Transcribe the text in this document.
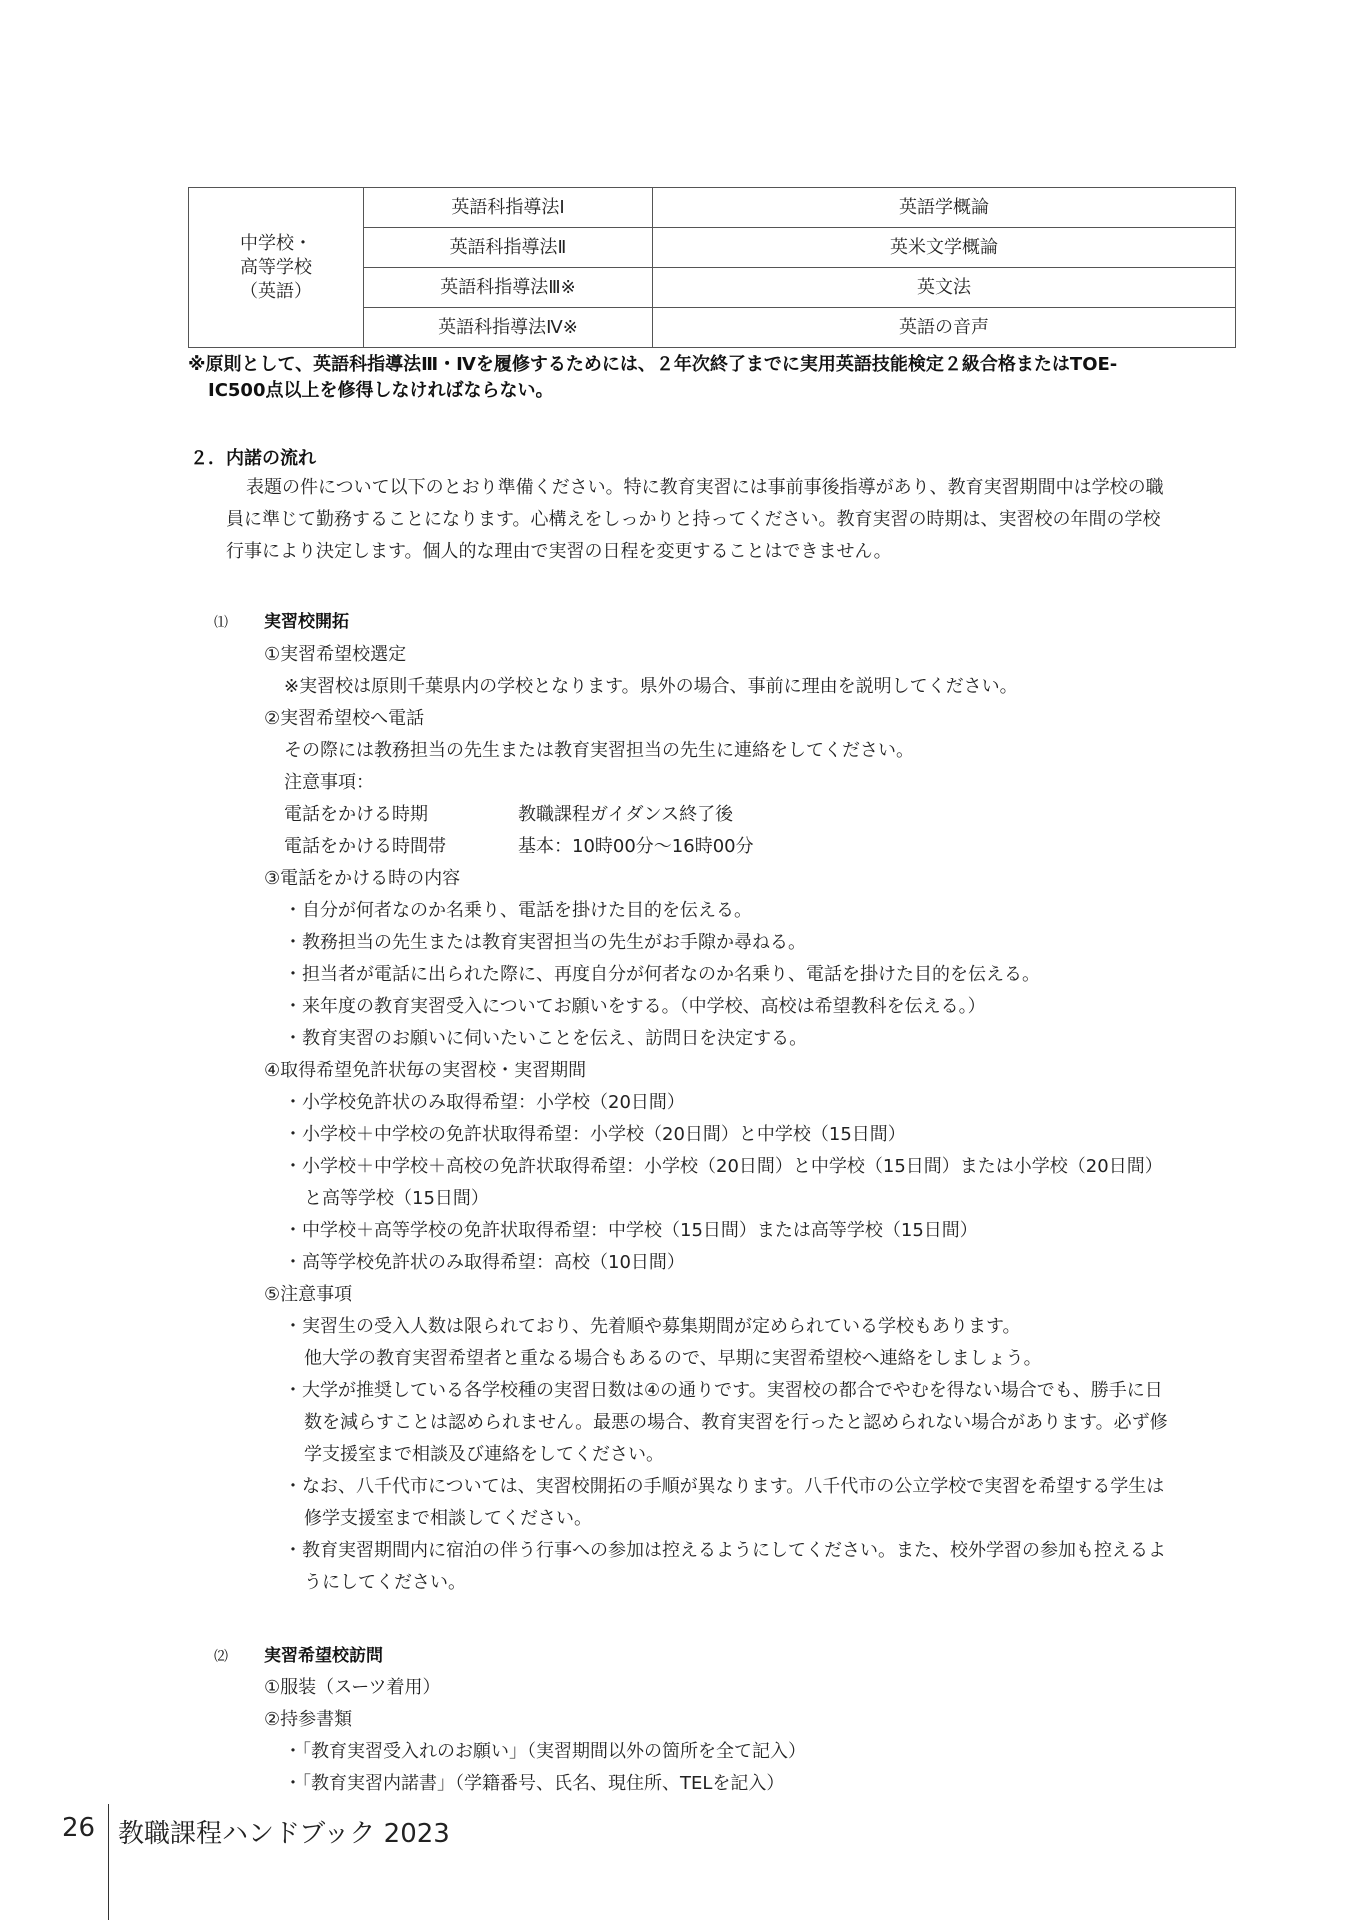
中学校・
高等学校
（英語）	英語科指導法Ⅰ	英語学概論
	英語科指導法Ⅱ	英米文学概論
	英語科指導法Ⅲ※	英文法
	英語科指導法Ⅳ※	英語の音声
※原則として、英語科指導法Ⅲ・Ⅳを履修するためには、２年次終了までに実用英語技能検定２級合格またはTOE-
IC500点以上を修得しなければならない。
２．内諾の流れ
表題の件について以下のとおり準備ください。特に教育実習には事前事後指導があり、教育実習期間中は学校の職
員に準じて勤務することになります。心構えをしっかりと持ってください。教育実習の時期は、実習校の年間の学校
行事により決定します。個人的な理由で実習の日程を変更することはできません。
⑴ 実習校開拓
①実習希望校選定
※実習校は原則千葉県内の学校となります。県外の場合、事前に理由を説明してください。
②実習希望校へ電話
その際には教務担当の先生または教育実習担当の先生に連絡をしてください。
注意事項：
電話をかける時期	教職課程ガイダンス終了後
電話をかける時間帯	基本：10時00分～16時00分
③電話をかける時の内容
・自分が何者なのか名乗り、電話を掛けた目的を伝える。
・教務担当の先生または教育実習担当の先生がお手隙か尋ねる。
・担当者が電話に出られた際に、再度自分が何者なのか名乗り、電話を掛けた目的を伝える。
・来年度の教育実習受入についてお願いをする。（中学校、高校は希望教科を伝える。）
・教育実習のお願いに伺いたいことを伝え、訪問日を決定する。
④取得希望免許状毎の実習校・実習期間
・小学校免許状のみ取得希望：小学校（20日間）
・小学校＋中学校の免許状取得希望：小学校（20日間）と中学校（15日間）
・小学校＋中学校＋高校の免許状取得希望：小学校（20日間）と中学校（15日間）または小学校（20日間）
と高等学校（15日間）
・中学校＋高等学校の免許状取得希望：中学校（15日間）または高等学校（15日間）
・高等学校免許状のみ取得希望：高校（10日間）
⑤注意事項
・実習生の受入人数は限られており、先着順や募集期間が定められている学校もあります。
他大学の教育実習希望者と重なる場合もあるので、早期に実習希望校へ連絡をしましょう。
・大学が推奨している各学校種の実習日数は④の通りです。実習校の都合でやむを得ない場合でも、勝手に日
数を減らすことは認められません。最悪の場合、教育実習を行ったと認められない場合があります。必ず修
学支援室まで相談及び連絡をしてください。
・なお、八千代市については、実習校開拓の手順が異なります。八千代市の公立学校で実習を希望する学生は
修学支援室まで相談してください。
・教育実習期間内に宿泊の伴う行事への参加は控えるようにしてください。また、校外学習の参加も控えるよ
うにしてください。
⑵ 実習希望校訪問
①服装（スーツ着用）
②持参書類
・「教育実習受入れのお願い」（実習期間以外の箇所を全て記入）
・「教育実習内諾書」（学籍番号、氏名、現住所、TELを記入）
26 教職課程ハンドブック 2023
